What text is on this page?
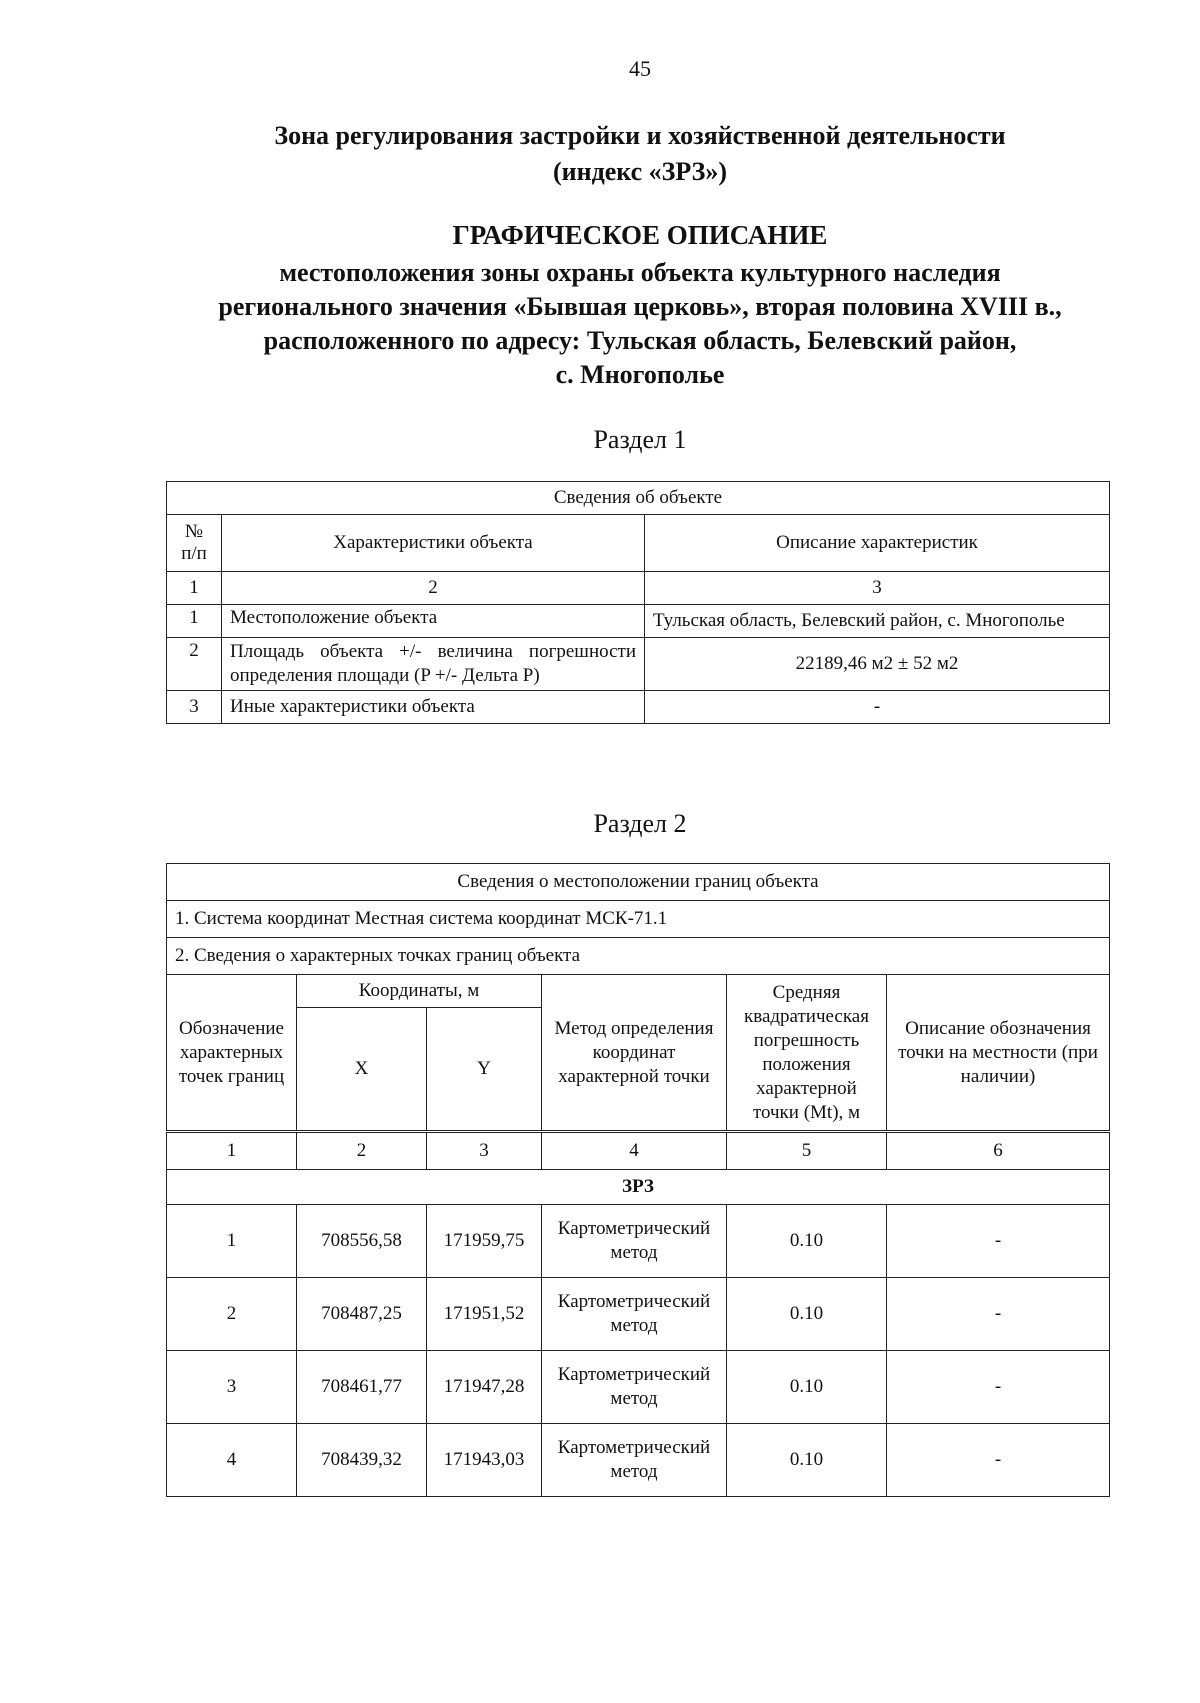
45
Зона регулирования застройки и хозяйственной деятельности
(индекс «ЗРЗ»)
ГРАФИЧЕСКОЕ ОПИСАНИЕ
местоположения зоны охраны объекта культурного наследия
регионального значения «Бывшая церковь», вторая половина XVIII в.,
расположенного по адресу: Тульская область, Белевский район,
с. Многополье
Раздел 1
Сведения об объекте		
№ п/п	Характеристики объекта	Описание характеристик
1	2	3
1	Местоположение объекта	Тульская область, Белевский район, с. Многополье
2	Площадь объекта +/- величина погрешности определения площади (P +/- Дельта P)	22189,46 м2 ± 52 м2
3	Иные характеристики объекта	-
Раздел 2

Сведения о местоположении границ объекта					
1. Система координат Местная система координат МСК-71.1					
2. Сведения о характерных точках границ объекта					
Обозначение характерных точек границ	Координаты, м		Метод определения координат характерной точки	Средняя квадратическая погрешность положения характерной точки (Mt), м	Описание обозначения точки на местности (при наличии)
	X	Y			
1	2	3	4	5	6
ЗРЗ					
1	708556,58	171959,75	Картометрический метод	0.10	-
2	708487,25	171951,52	Картометрический метод	0.10	-
3	708461,77	171947,28	Картометрический метод	0.10	-
4	708439,32	171943,03	Картометрический метод	0.10	-
